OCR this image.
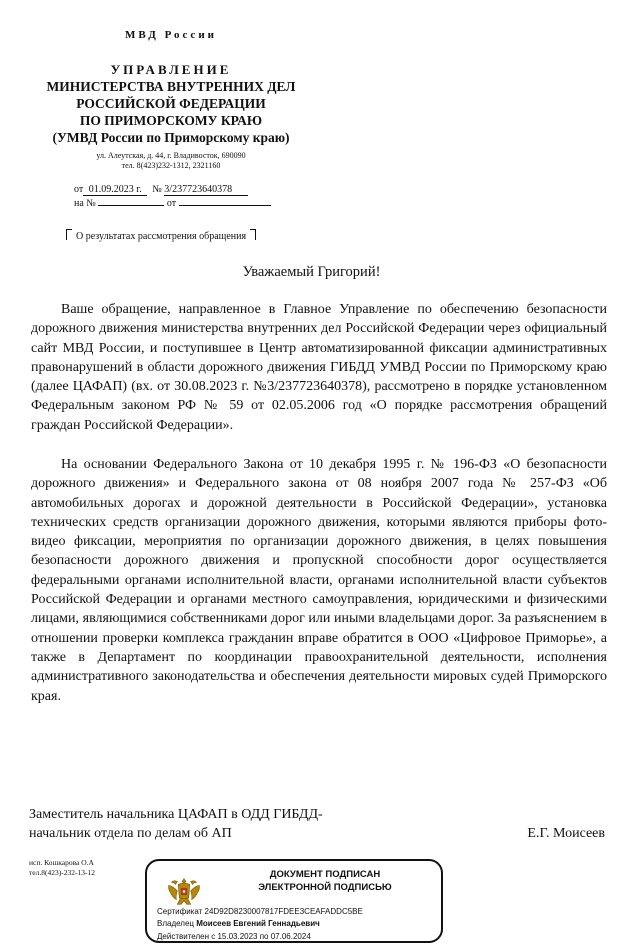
МВД России
УПРАВЛЕНИЕ
МИНИСТЕРСТВА ВНУТРЕННИХ ДЕЛ
РОССИЙСКОЙ ФЕДЕРАЦИИ
ПО ПРИМОРСКОМУ КРАЮ
(УМВД России по Приморскому краю)
ул. Алеутская, д. 44, г. Владивосток, 690090
тел. 8(423)232-1312, 2321160
от 01.09.2023 г. № 3/237723640378
на №	от
О результатах рассмотрения обращения
Уважаемый Григорий!

Ваше обращение, направленное в Главное Управление по обеспечению безопасности дорожного движения министерства внутренних дел Российской Федерации через официальный сайт МВД России, и поступившее в Центр автоматизированной фиксации административных правонарушений в области дорожного движения ГИБДД УМВД России по Приморскому краю (далее ЦАФАП) (вх. от 30.08.2023 г. №3/237723640378), рассмотрено в порядке установленном Федеральным законом РФ № 59 от 02.05.2006 год «О порядке рассмотрения обращений граждан Российской Федерации».

На основании Федерального Закона от 10 декабря 1995 г. № 196-ФЗ «О безопасности дорожного движения» и Федерального закона от 08 ноября 2007 года № 257-ФЗ «Об автомобильных дорогах и дорожной деятельности в Российской Федерации», установка технических средств организации дорожного движения, которыми являются приборы фото-видео фиксации, мероприятия по организации дорожного движения, в целях повышения безопасности дорожного движения и пропускной способности дорог осуществляется федеральными органами исполнительной власти, органами исполнительной власти субъектов Российской Федерации и органами местного самоуправления, юридическими и физическими лицами, являющимися собственниками дорог или иными владельцами дорог. За разъяснением в отношении проверки комплекса гражданин вправе обратится в ООО «Цифровое Приморье», а также в Департамент по координации правоохранительной деятельности, исполнения административного законодательства и обеспечения деятельности мировых судей Приморского края.

Заместитель начальника ЦАФАП в ОДД ГИБДД-
начальник отдела по делам об АП	Е.Г. Моисеев
исп. Кошкарова О.А
тел.8(423)-232-13-12	ДОКУМЕНТ ПОДПИСАН
ЭЛЕКТРОННОЙ ПОДПИСЬЮ
Сертификат 24D92D8230007817FDEE3CEAFADDC5BE
Владелец Моисеев Евгений Геннадьевич
Действителен с 15.03.2023 по 07.06.2024
